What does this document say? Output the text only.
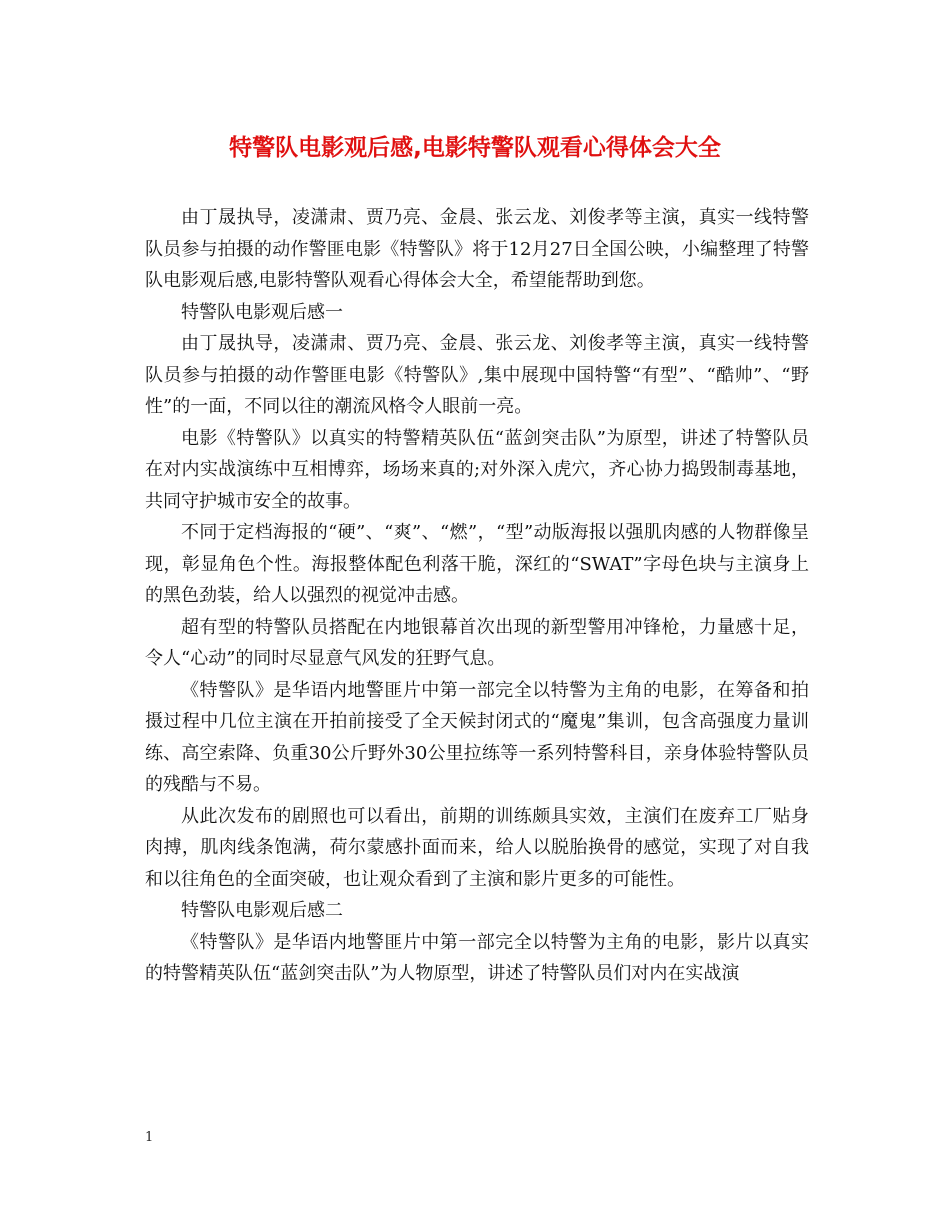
特警队电影观后感,电影特警队观看心得体会大全

由丁晟执导，凌潇肃、贾乃亮、金晨、张云龙、刘俊孝等主演，真实一线特警队员参与拍摄的动作警匪电影《特警队》将于12月27日全国公映，小编整理了特警队电影观后感,电影特警队观看心得体会大全，希望能帮助到您。

特警队电影观后感一

由丁晟执导，凌潇肃、贾乃亮、金晨、张云龙、刘俊孝等主演，真实一线特警队员参与拍摄的动作警匪电影《特警队》,集中展现中国特警“有型”、“酷帅”、“野性”的一面，不同以往的潮流风格令人眼前一亮。

电影《特警队》以真实的特警精英队伍“蓝剑突击队”为原型，讲述了特警队员在对内实战演练中互相博弈，场场来真的;对外深入虎穴，齐心协力捣毁制毒基地，共同守护城市安全的故事。

不同于定档海报的“硬”、“爽”、“燃”，“型”动版海报以强肌肉感的人物群像呈现，彰显角色个性。海报整体配色利落干脆，深红的“SWAT”字母色块与主演身上的黑色劲装，给人以强烈的视觉冲击感。

超有型的特警队员搭配在内地银幕首次出现的新型警用冲锋枪，力量感十足，令人“心动”的同时尽显意气风发的狂野气息。

《特警队》是华语内地警匪片中第一部完全以特警为主角的电影，在筹备和拍摄过程中几位主演在开拍前接受了全天候封闭式的“魔鬼”集训，包含高强度力量训练、高空索降、负重30公斤野外30公里拉练等一系列特警科目，亲身体验特警队员的残酷与不易。

从此次发布的剧照也可以看出，前期的训练颇具实效，主演们在废弃工厂贴身肉搏，肌肉线条饱满，荷尔蒙感扑面而来，给人以脱胎换骨的感觉，实现了对自我和以往角色的全面突破，也让观众看到了主演和影片更多的可能性。

特警队电影观后感二

《特警队》是华语内地警匪片中第一部完全以特警为主角的电影，影片以真实的特警精英队伍“蓝剑突击队”为人物原型，讲述了特警队员们对内在实战演

1
